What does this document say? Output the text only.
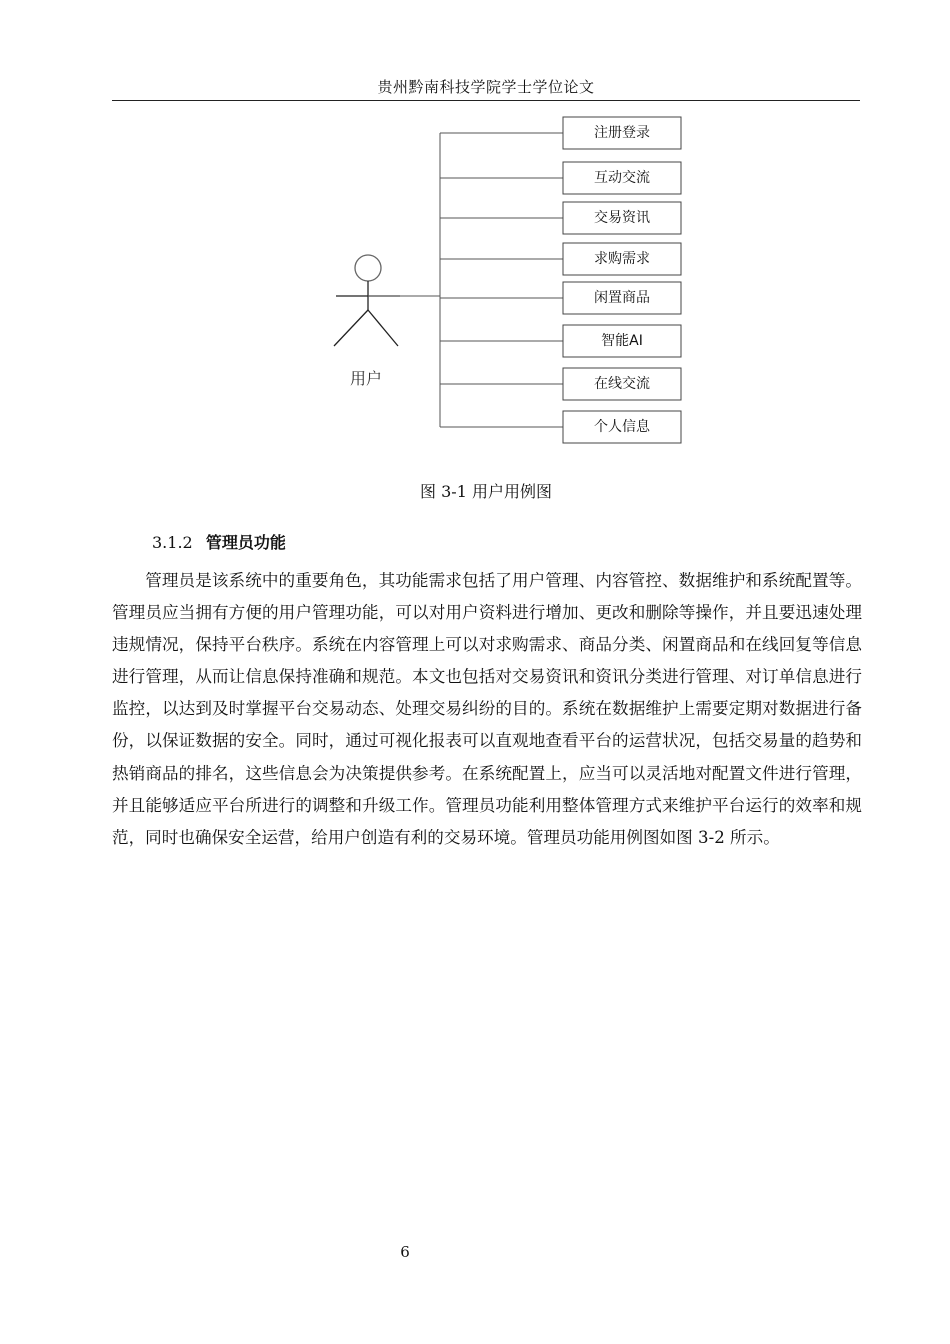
贵州黔南科技学院学士学位论文
注册登录
互动交流
交易资讯
求购需求
闲置商品
智能AI
在线交流
个人信息
用户
图 3-1 用户用例图
3.1.2 管理员功能

管理员是该系统中的重要角色，其功能需求包括了用户管理、内容管控、数据维护和系统配置等。管理员应当拥有方便的用户管理功能，可以对用户资料进行增加、更改和删除等操作，并且要迅速处理违规情况，保持平台秩序。系统在内容管理上可以对求购需求、商品分类、闲置商品和在线回复等信息进行管理，从而让信息保持准确和规范。本文也包括对交易资讯和资讯分类进行管理、对订单信息进行监控，以达到及时掌握平台交易动态、处理交易纠纷的目的。系统在数据维护上需要定期对数据进行备份，以保证数据的安全。同时，通过可视化报表可以直观地查看平台的运营状况，包括交易量的趋势和热销商品的排名，这些信息会为决策提供参考。在系统配置上，应当可以灵活地对配置文件进行管理，并且能够适应平台所进行的调整和升级工作。管理员功能利用整体管理方式来维护平台运行的效率和规范，同时也确保安全运营，给用户创造有利的交易环境。管理员功能用例图如图 3-2 所示。

6
